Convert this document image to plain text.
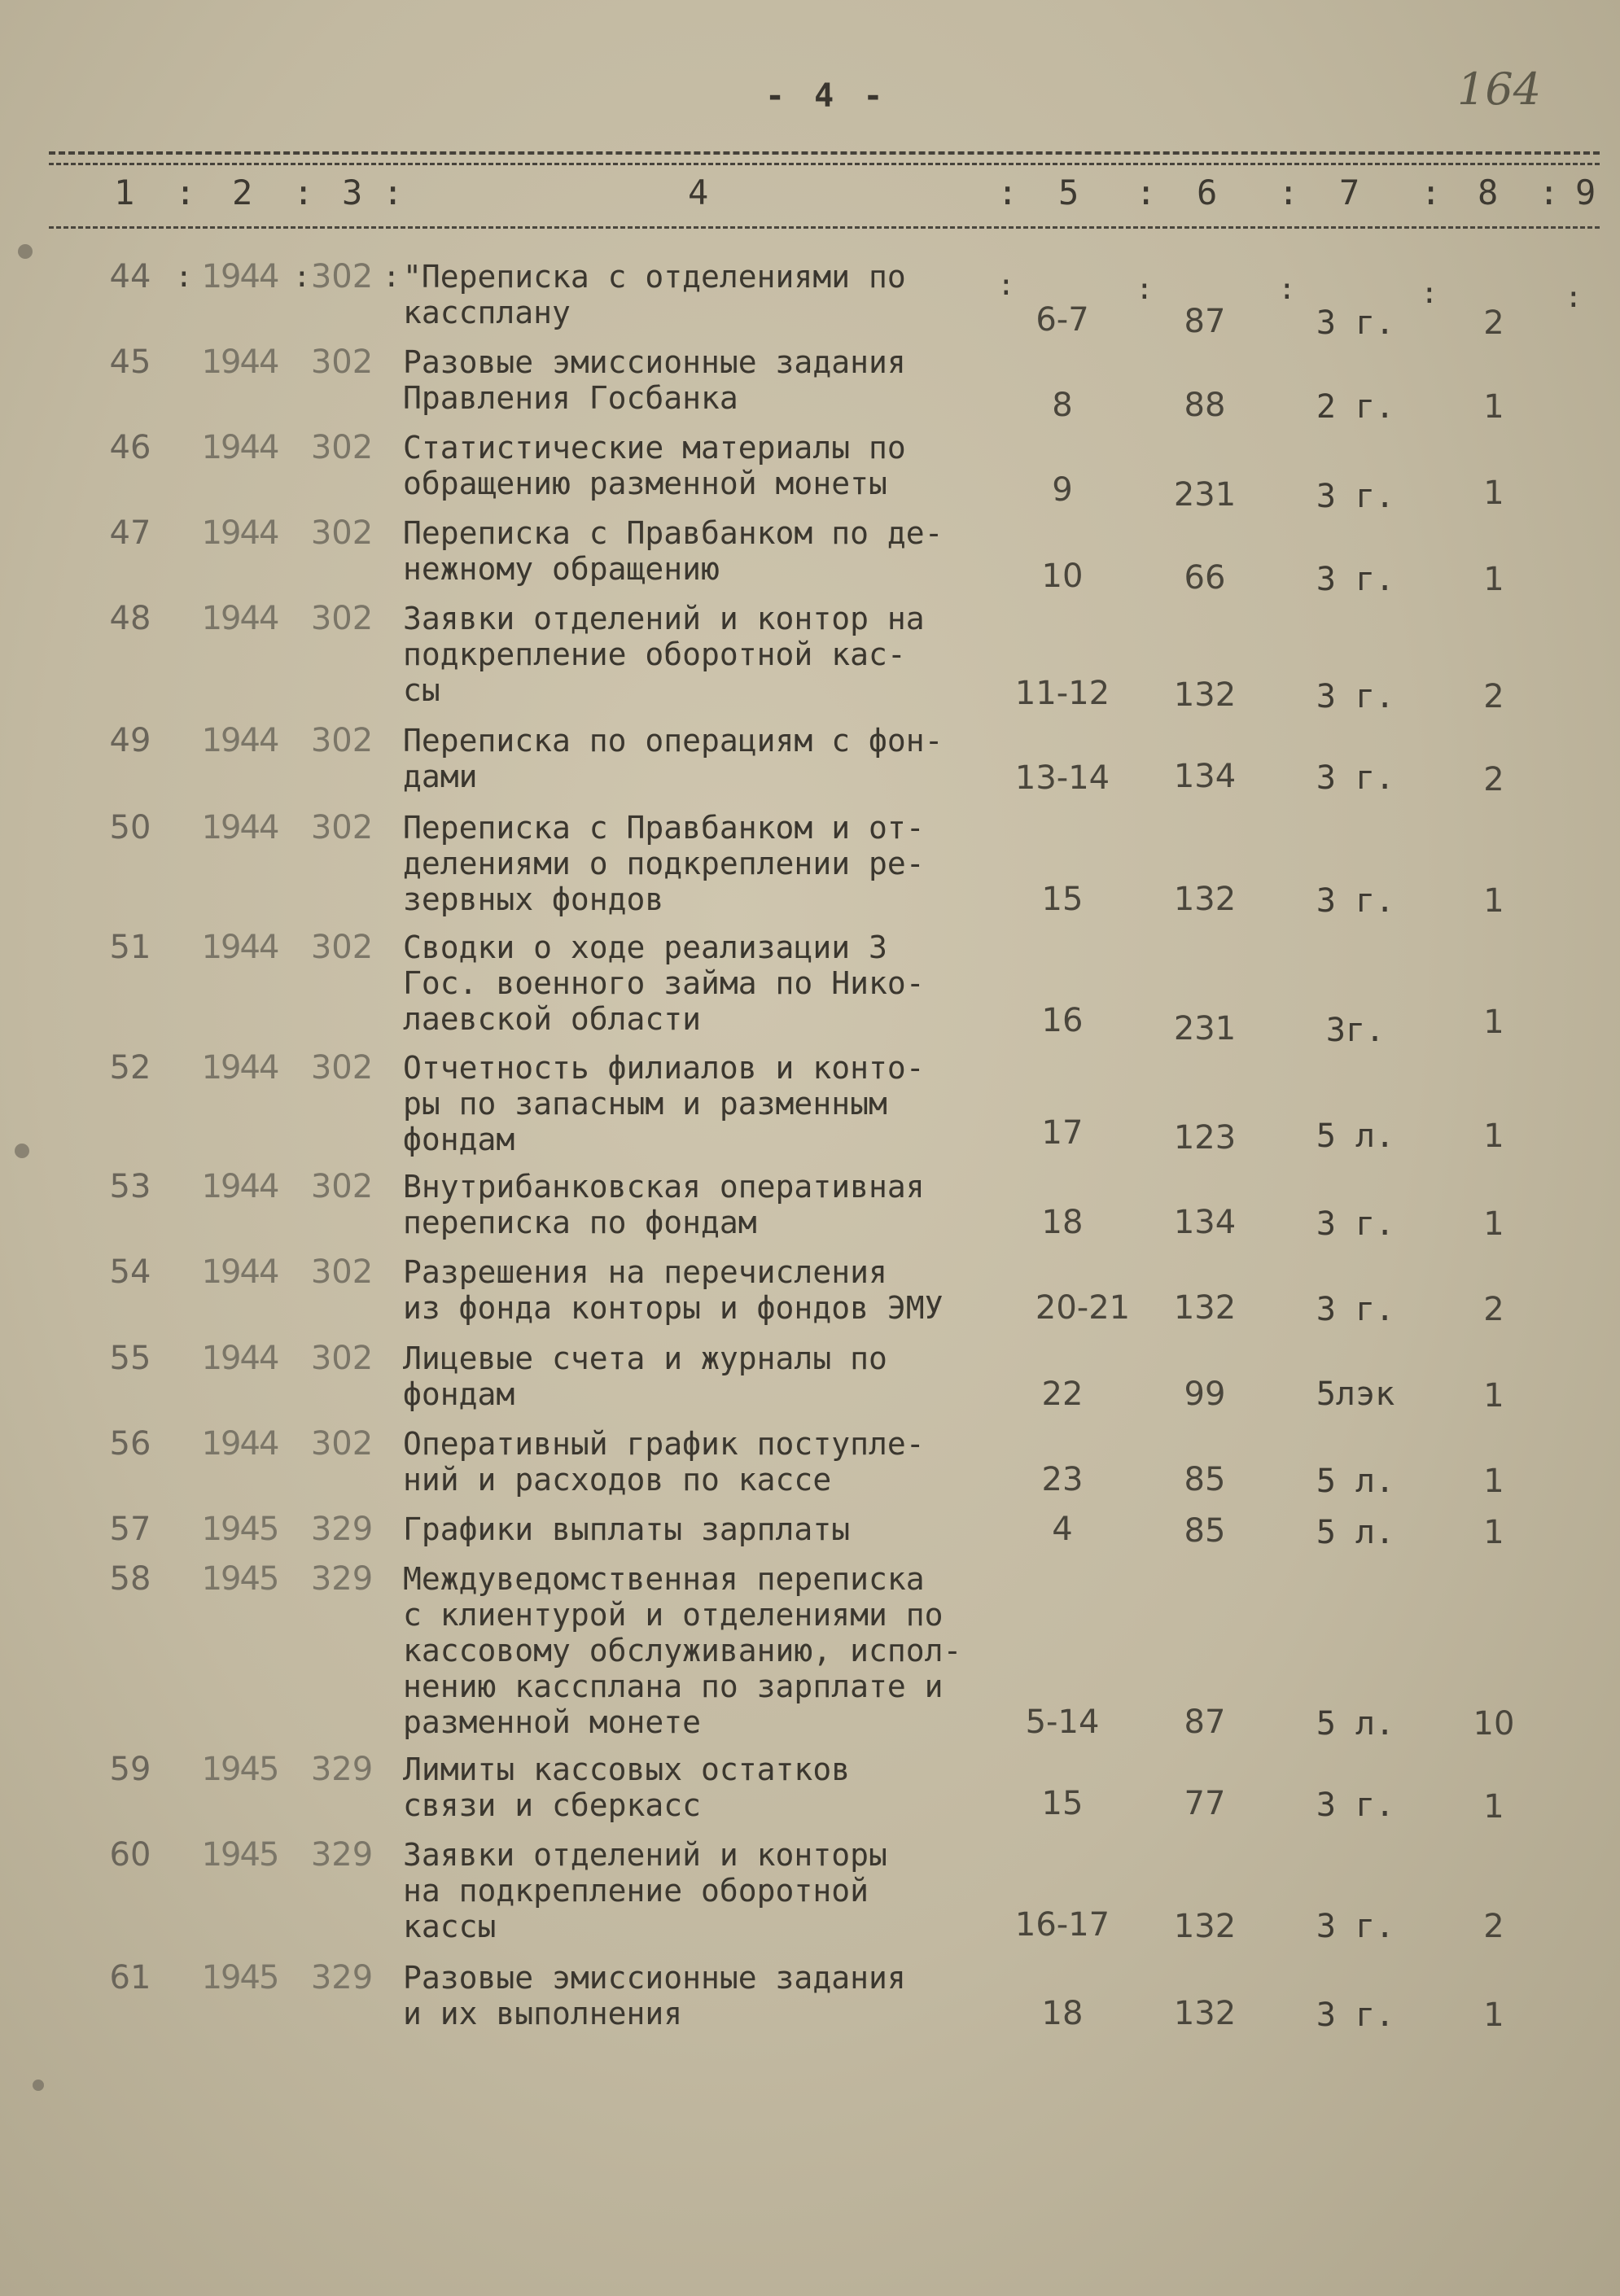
- 4 -	164
1 : 2 : 3 :	4	: 5 : 6 : 7 : 8 : 9
:	: :	:	:	:	:	:
44	1944	302 "Переписка с отделениями по
кассплану	6-7	87	3 г.	2
45	1944	302 Разовые эмиссионные задания
Правления Госбанка	8	88	2 г.	1
46	1944	302 Статистические материалы по
обращению разменной монеты	9	231	3 г.	1
47	1944	302 Переписка с Правбанком по де-
нежному обращению	10	66	3 г.	1
48	1944	302 Заявки отделений и контор на
подкрепление оборотной кас-
сы	11-12	132	3 г.	2
49	1944	302 Переписка по операциям с фон-
дами	13-14	134	3 г.	2
50	1944	302 Переписка с Правбанком и от-
делениями о подкреплении ре-
зервных фондов	15	132	3 г.	1
51	1944	302 Сводки о ходе реализации 3
Гос. военного займа по Нико-
лаевской области	16	231	3г.	1
52	1944	302 Отчетность филиалов и конто-
ры по запасным и разменным
фондам	17	123	5 л.	1
53	1944	302 Внутрибанковская оперативная
переписка по фондам	18	134	3 г.	1
54	1944	302 Разрешения на перечисления
из фонда конторы и фондов ЭМУ	20-21	132	3 г.	2
55	1944	302 Лицевые счета и журналы по
фондам	22	99	5лэк	1
56	1944	302 Оперативный график поступле-
ний и расходов по кассе	23	85	5 л.	1
57	1945	329 Графики выплаты зарплаты	4	85	5 л.	1
58	1945	329 Междуведомственная переписка
с клиентурой и отделениями по
кассовому обслуживанию, испол-
нению кассплана по зарплате и
разменной монете	5-14	87	5 л.	10
59	1945	329 Лимиты кассовых остатков
связи и сберкасс	15	77	3 г.	1
60	1945	329 Заявки отделений и конторы
на подкрепление оборотной
кассы	16-17	132	3 г.	2
61	1945	329 Разовые эмиссионные задания
и их выполнения	18	132	3 г.	1
